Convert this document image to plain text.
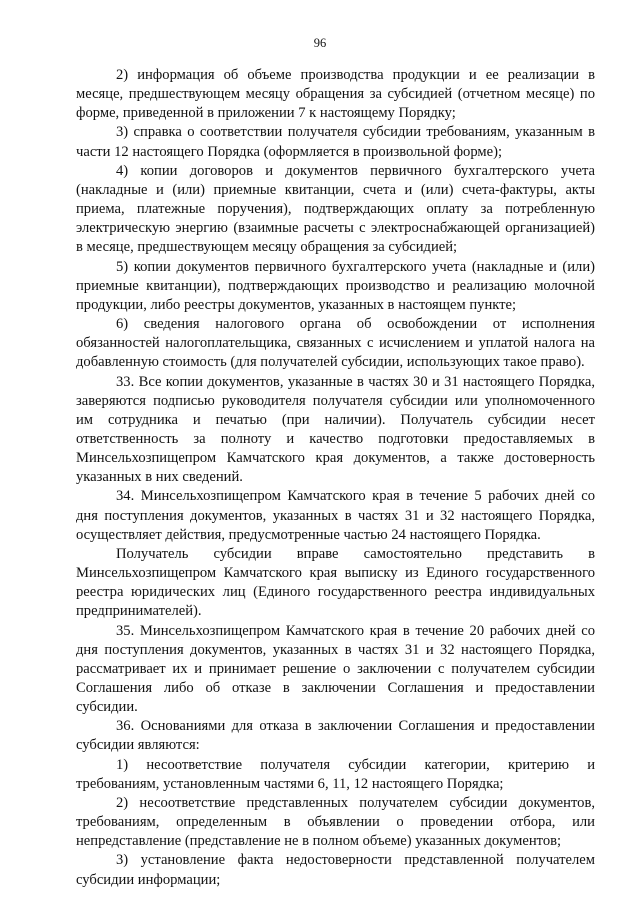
96

2) информация об объеме производства продукции и ее реализации в месяце, предшествующем месяцу обращения за субсидией (отчетном месяце) по форме, приведенной в приложении 7 к настоящему Порядку;

3) справка о соответствии получателя субсидии требованиям, указанным в части 12 настоящего Порядка (оформляется в произвольной форме);

4) копии договоров и документов первичного бухгалтерского учета (накладные и (или) приемные квитанции, счета и (или) счета-фактуры, акты приема, платежные поручения), подтверждающих оплату за потребленную электрическую энергию (взаимные расчеты с электроснабжающей организацией) в месяце, предшествующем месяцу обращения за субсидией;

5) копии документов первичного бухгалтерского учета (накладные и (или) приемные квитанции), подтверждающих производство и реализацию молочной продукции, либо реестры документов, указанных в настоящем пункте;

6) сведения налогового органа об освобождении от исполнения обязанностей налогоплательщика, связанных с исчислением и уплатой налога на добавленную стоимость (для получателей субсидии, использующих такое право).

33. Все копии документов, указанные в частях 30 и 31 настоящего Порядка, заверяются подписью руководителя получателя субсидии или уполномоченного им сотрудника и печатью (при наличии). Получатель субсидии несет ответственность за полноту и качество подготовки предоставляемых в Минсельхозпищепром Камчатского края документов, а также достоверность указанных в них сведений.

34. Минсельхозпищепром Камчатского края в течение 5 рабочих дней со дня поступления документов, указанных в частях 31 и 32 настоящего Порядка, осуществляет действия, предусмотренные частью 24 настоящего Порядка.

Получатель субсидии вправе самостоятельно представить в Минсельхозпищепром Камчатского края выписку из Единого государственного реестра юридических лиц (Единого государственного реестра индивидуальных предпринимателей).

35. Минсельхозпищепром Камчатского края в течение 20 рабочих дней со дня поступления документов, указанных в частях 31 и 32 настоящего Порядка, рассматривает их и принимает решение о заключении с получателем субсидии Соглашения либо об отказе в заключении Соглашения и предоставлении субсидии.

36. Основаниями для отказа в заключении Соглашения и предоставлении субсидии являются:

1) несоответствие получателя субсидии категории, критерию и требованиям, установленным частями 6, 11, 12 настоящего Порядка;

2) несоответствие представленных получателем субсидии документов, требованиям, определенным в объявлении о проведении отбора, или непредставление (представление не в полном объеме) указанных документов;

3) установление факта недостоверности представленной получателем субсидии информации;
